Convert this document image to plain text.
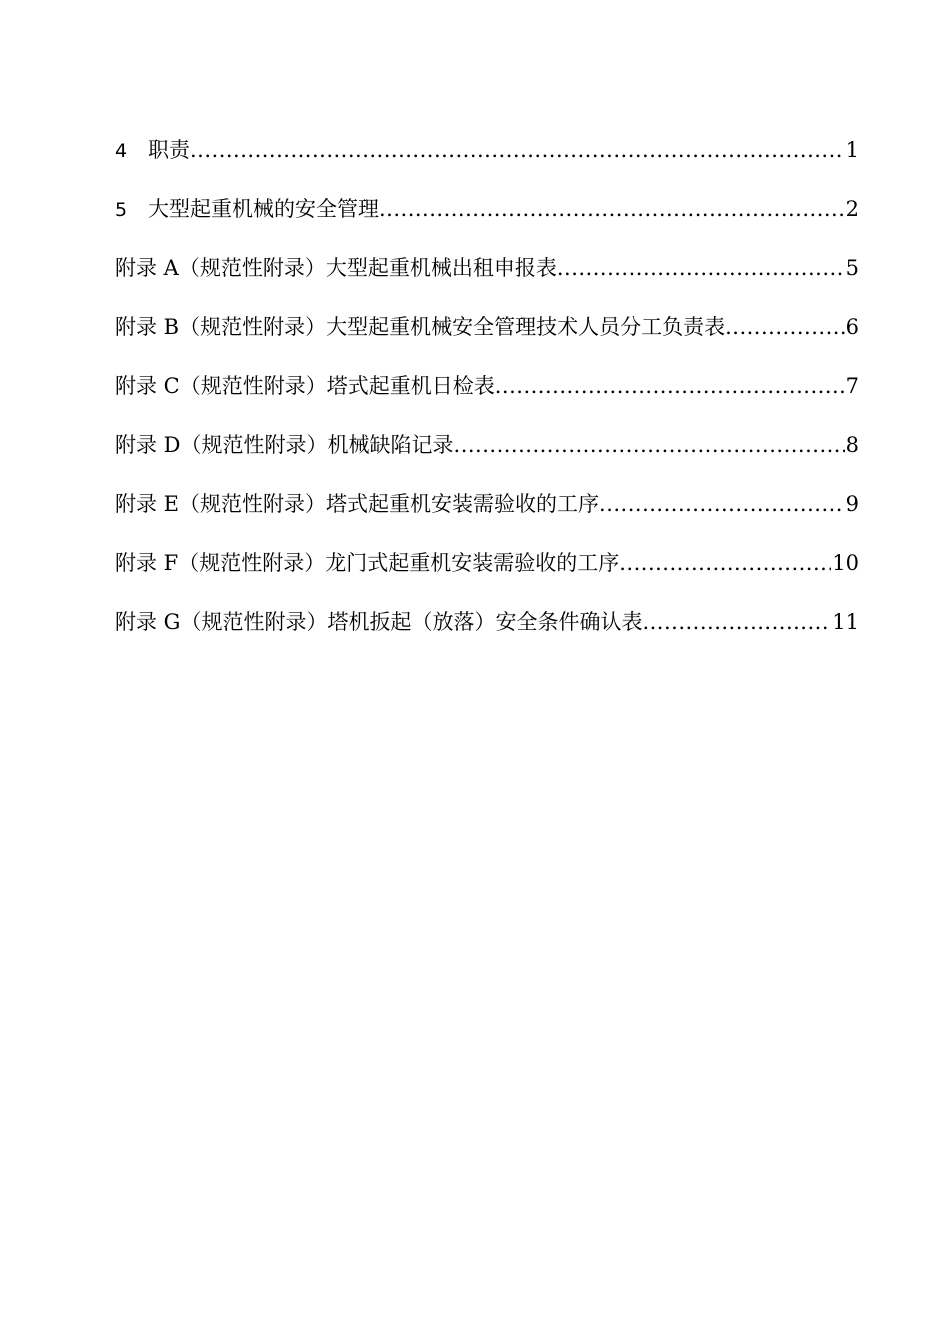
4 职责 .....	1
5 大型起重机械的安全管理 .....	2
附录 A（规范性附录）大型起重机械出租申报表 .....	5
附录 B（规范性附录）大型起重机械安全管理技术人员分工负责表 .....	6
附录 C（规范性附录）塔式起重机日检表 .....	7
附录 D（规范性附录）机械缺陷记录 .....	8
附录 E（规范性附录）塔式起重机安装需验收的工序 .....	9
附录 F（规范性附录）龙门式起重机安装需验收的工序 .....	10
附录 G（规范性附录）塔机扳起（放落）安全条件确认表 .....	11
